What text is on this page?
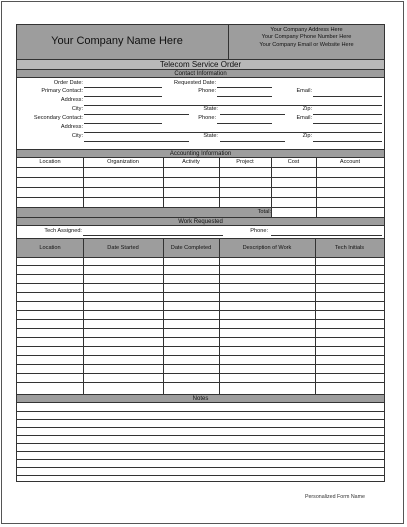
Your Company Name Here
Your Company Address Here
Your Company Phone Number Here
Your Company Email or Website Here
Telecom Service Order
Contact Information
Order Date:	Requested Date:
Primary Contact:	Phone:	Email:
Address:
City:	State:	Zip:
Secondary Contact:	Phone:	Email:
Address:
City:	State:	Zip:
Accounting Information
Location	Organization	Activity	Project	Cost	Account
Total:
Work Requested
Tech Assigned:	Phone:
Location	Date Started	Date Completed	Description of Work	Tech Initials
Notes
Personalized Form Name
